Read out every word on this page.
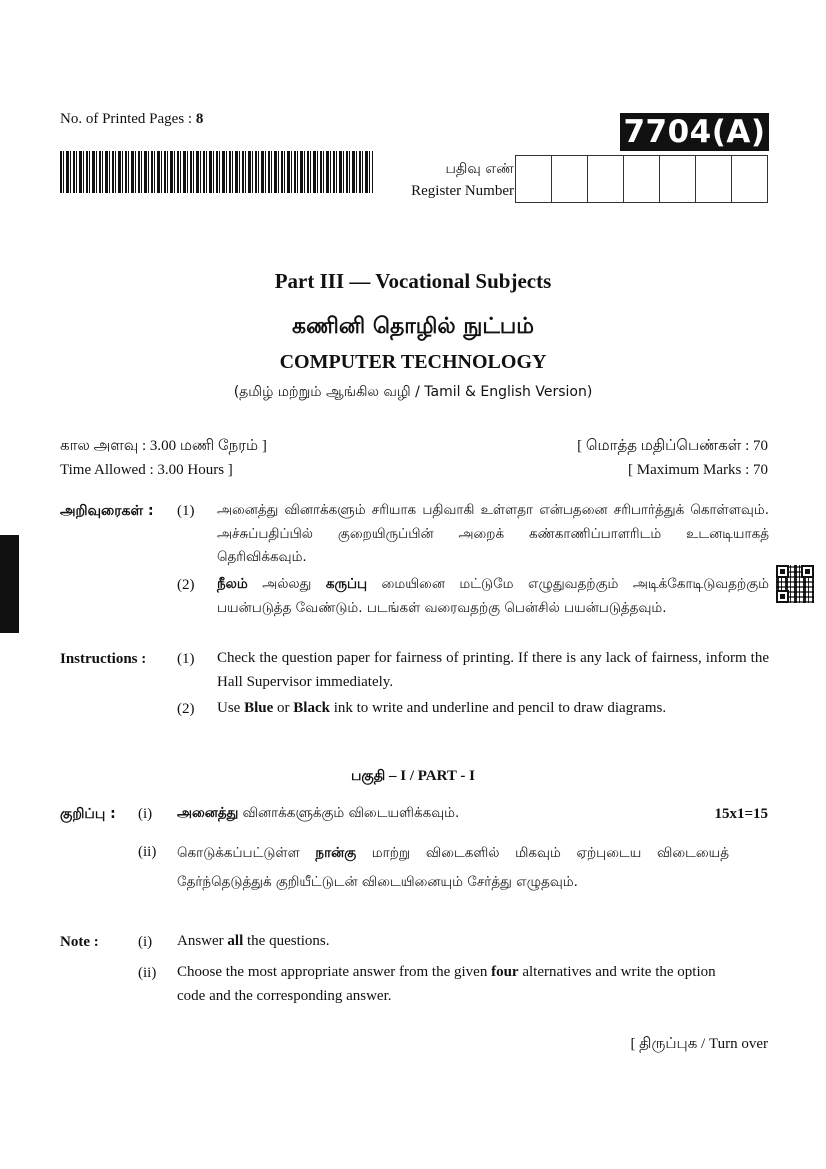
No. of Printed Pages : 8	7704(A)
பதிவு எண்
Register Number
Part III — Vocational Subjects
கணினி தொழில் நுட்பம்
COMPUTER TECHNOLOGY
(தமிழ் மற்றும் ஆங்கில வழி / Tamil & English Version)
கால அளவு : 3.00 மணி நேரம் ]
Time Allowed : 3.00 Hours ]
[ மொத்த மதிப்பெண்கள் : 70
[ Maximum Marks : 70
அறிவுரைகள் : (1) அனைத்து வினாக்களும் சரியாக பதிவாகி உள்ளதா என்பதனை சரிபார்த்துக் கொள்ளவும். அச்சுப்பதிப்பில் குறையிருப்பின் அறைக் கண்காணிப்பாளரிடம் உடனடியாகத் தெரிவிக்கவும்.
(2) நீலம் அல்லது கருப்பு மையினை மட்டுமே எழுதுவதற்கும் அடிக்கோடிடுவதற்கும் பயன்படுத்த வேண்டும். படங்கள் வரைவதற்கு பென்சில் பயன்படுத்தவும்.
Instructions : (1) Check the question paper for fairness of printing. If there is any lack of fairness, inform the Hall Supervisor immediately.
(2) Use Blue or Black ink to write and underline and pencil to draw diagrams.
பகுதி – I / PART - I
குறிப்பு : (i) அனைத்து வினாக்களுக்கும் விடையளிக்கவும்.	15x1=15
(ii) கொடுக்கப்பட்டுள்ள நான்கு மாற்று விடைகளில் மிகவும் ஏற்புடைய விடையைத் தேர்ந்தெடுத்துக் குறியீட்டுடன் விடையினையும் சேர்த்து எழுதவும்.
Note :	(i) Answer all the questions.
(ii) Choose the most appropriate answer from the given four alternatives and write the option code and the corresponding answer.
[ திருப்புக / Turn over
